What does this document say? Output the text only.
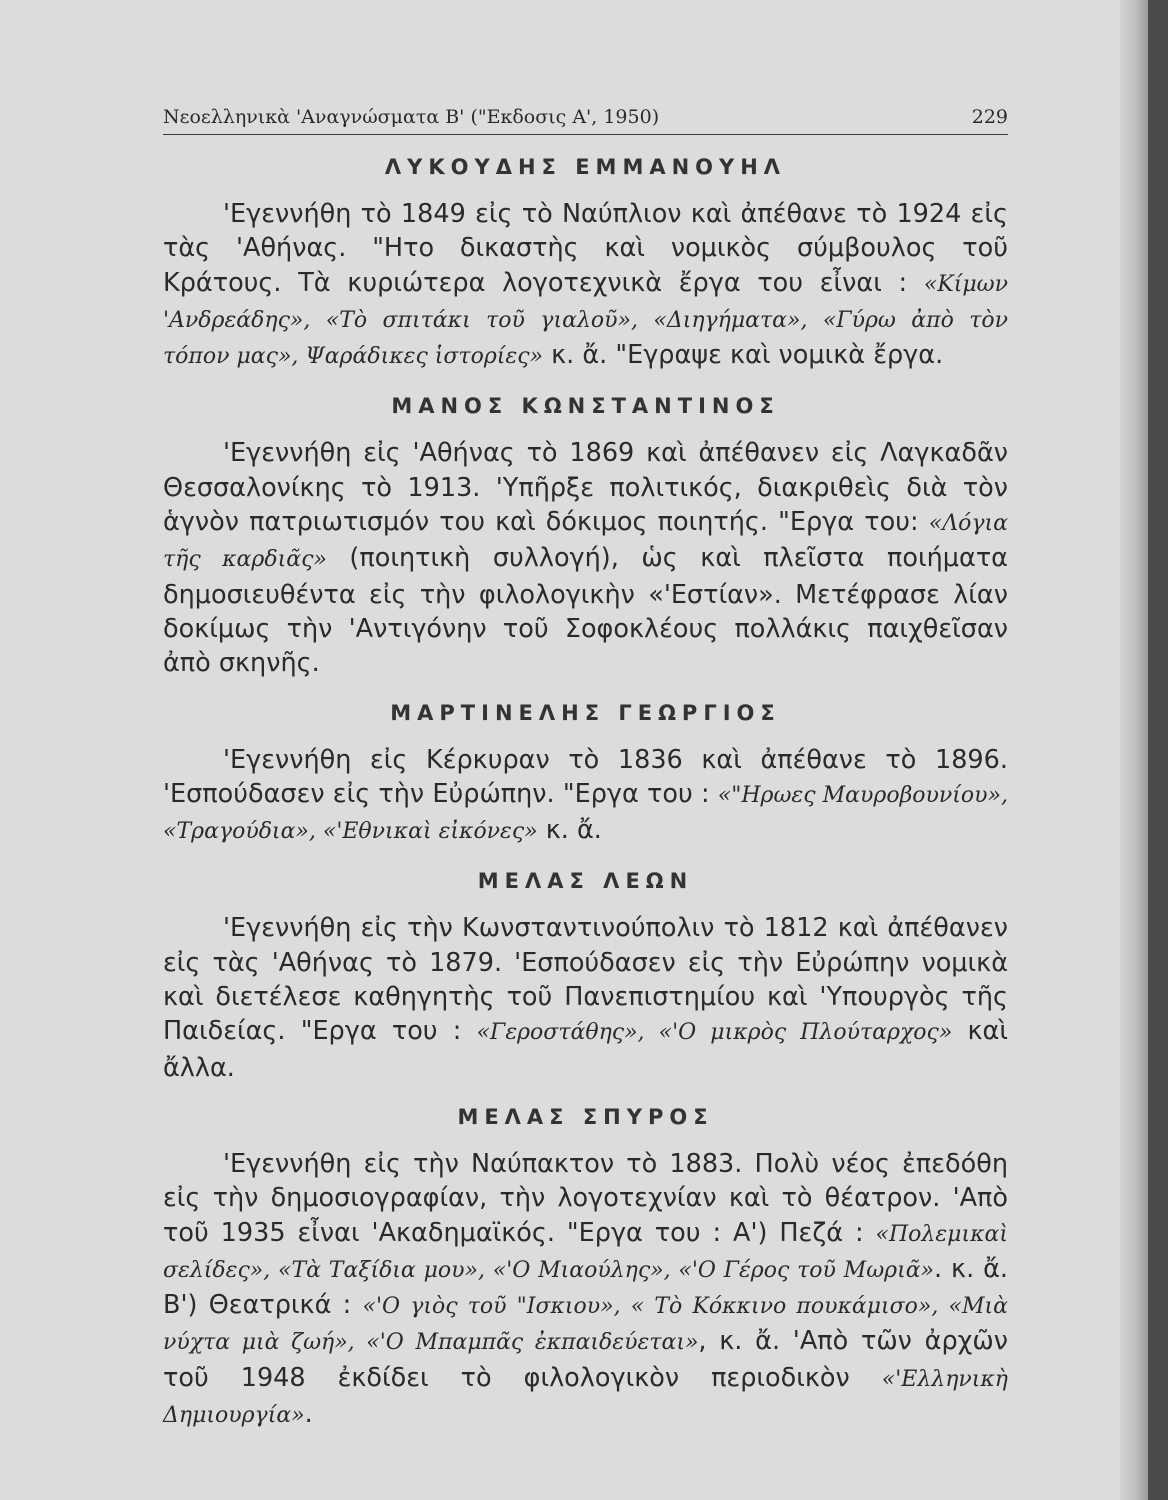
Νεοελληνικὰ 'Αναγνώσματα Β' ("Εκδοσις Α', 1950)	229
ΛΥΚΟΥΔΗΣ ΕΜΜΑΝΟΥΗΛ

'Εγεννήθη τὸ 1849 εἰς τὸ Ναύπλιον καὶ ἀπέθανε τὸ 1924 εἰς τὰς 'Αθήνας. "Ητο δικαστὴς καὶ νομικὸς σύμβουλος τοῦ Κράτους. Τὰ κυριώτερα λογοτεχνικὰ ἔργα του εἶναι : «Κίμων 'Ανδρεάδης», «Τὸ σπιτάκι τοῦ γιαλοῦ», «Διηγήματα», «Γύρω ἀπὸ τὸν τόπον μας», Ψαράδικες ἱστορίες» κ. ἄ. "Εγραψε καὶ νομικὰ ἔργα.

ΜΑΝΟΣ ΚΩΝΣΤΑΝΤΙΝΟΣ

'Εγεννήθη εἰς 'Αθήνας τὸ 1869 καὶ ἀπέθανεν εἰς Λαγκαδᾶν Θεσσαλονίκης τὸ 1913. 'Υπῆρξε πολιτικός, διακριθεὶς διὰ τὸν ἁγνὸν πατριωτισμόν του καὶ δόκιμος ποιητής. "Εργα του: «Λόγια τῆς καρδιᾶς» (ποιητικὴ συλλογή), ὡς καὶ πλεῖστα ποιήματα δημοσιευθέντα εἰς τὴν φιλολογικὴν «'Εστίαν». Μετέφρασε λίαν δοκίμως τὴν 'Αντιγόνην τοῦ Σοφοκλέους πολλάκις παιχθεῖσαν ἀπὸ σκηνῆς.

ΜΑΡΤΙΝΕΛΗΣ ΓΕΩΡΓΙΟΣ

'Εγεννήθη εἰς Κέρκυραν τὸ 1836 καὶ ἀπέθανε τὸ 1896. 'Εσπούδασεν εἰς τὴν Εὐρώπην. "Εργα του : «"Ηρωες Μαυροβουνίου», «Τραγούδια», «'Εθνικαὶ εἰκόνες» κ. ἄ.

ΜΕΛΑΣ ΛΕΩΝ

'Εγεννήθη εἰς τὴν Κωνσταντινούπολιν τὸ 1812 καὶ ἀπέθανεν εἰς τὰς 'Αθήνας τὸ 1879. 'Εσπούδασεν εἰς τὴν Εὐρώπην νομικὰ καὶ διετέλεσε καθηγητὴς τοῦ Πανεπιστημίου καὶ 'Υπουργὸς τῆς Παιδείας. "Εργα του : «Γεροστάθης», «'Ο μικρὸς Πλούταρχος» καὶ ἄλλα.

ΜΕΛΑΣ ΣΠΥΡΟΣ

'Εγεννήθη εἰς τὴν Ναύπακτον τὸ 1883. Πολὺ νέος ἐπεδόθη εἰς τὴν δημοσιογραφίαν, τὴν λογοτεχνίαν καὶ τὸ θέατρον. 'Απὸ τοῦ 1935 εἶναι 'Ακαδημαϊκός. "Εργα του : Α') Πεζά : «Πολεμικαὶ σελίδες», «Τὰ Ταξίδια μου», «'Ο Μιαούλης», «'Ο Γέρος τοῦ Μωριᾶ». κ. ἄ. Β') Θεατρικά : «'Ο γιὸς τοῦ "Ισκιου», « Τὸ Κόκκινο πουκάμισο», «Μιὰ νύχτα μιὰ ζωή», «'Ο Μπαμπᾶς ἐκπαιδεύεται», κ. ἄ. 'Απὸ τῶν ἀρχῶν τοῦ 1948 ἐκδίδει τὸ φιλολογικὸν περιοδικὸν «'Ελληνικὴ Δημιουργία».
